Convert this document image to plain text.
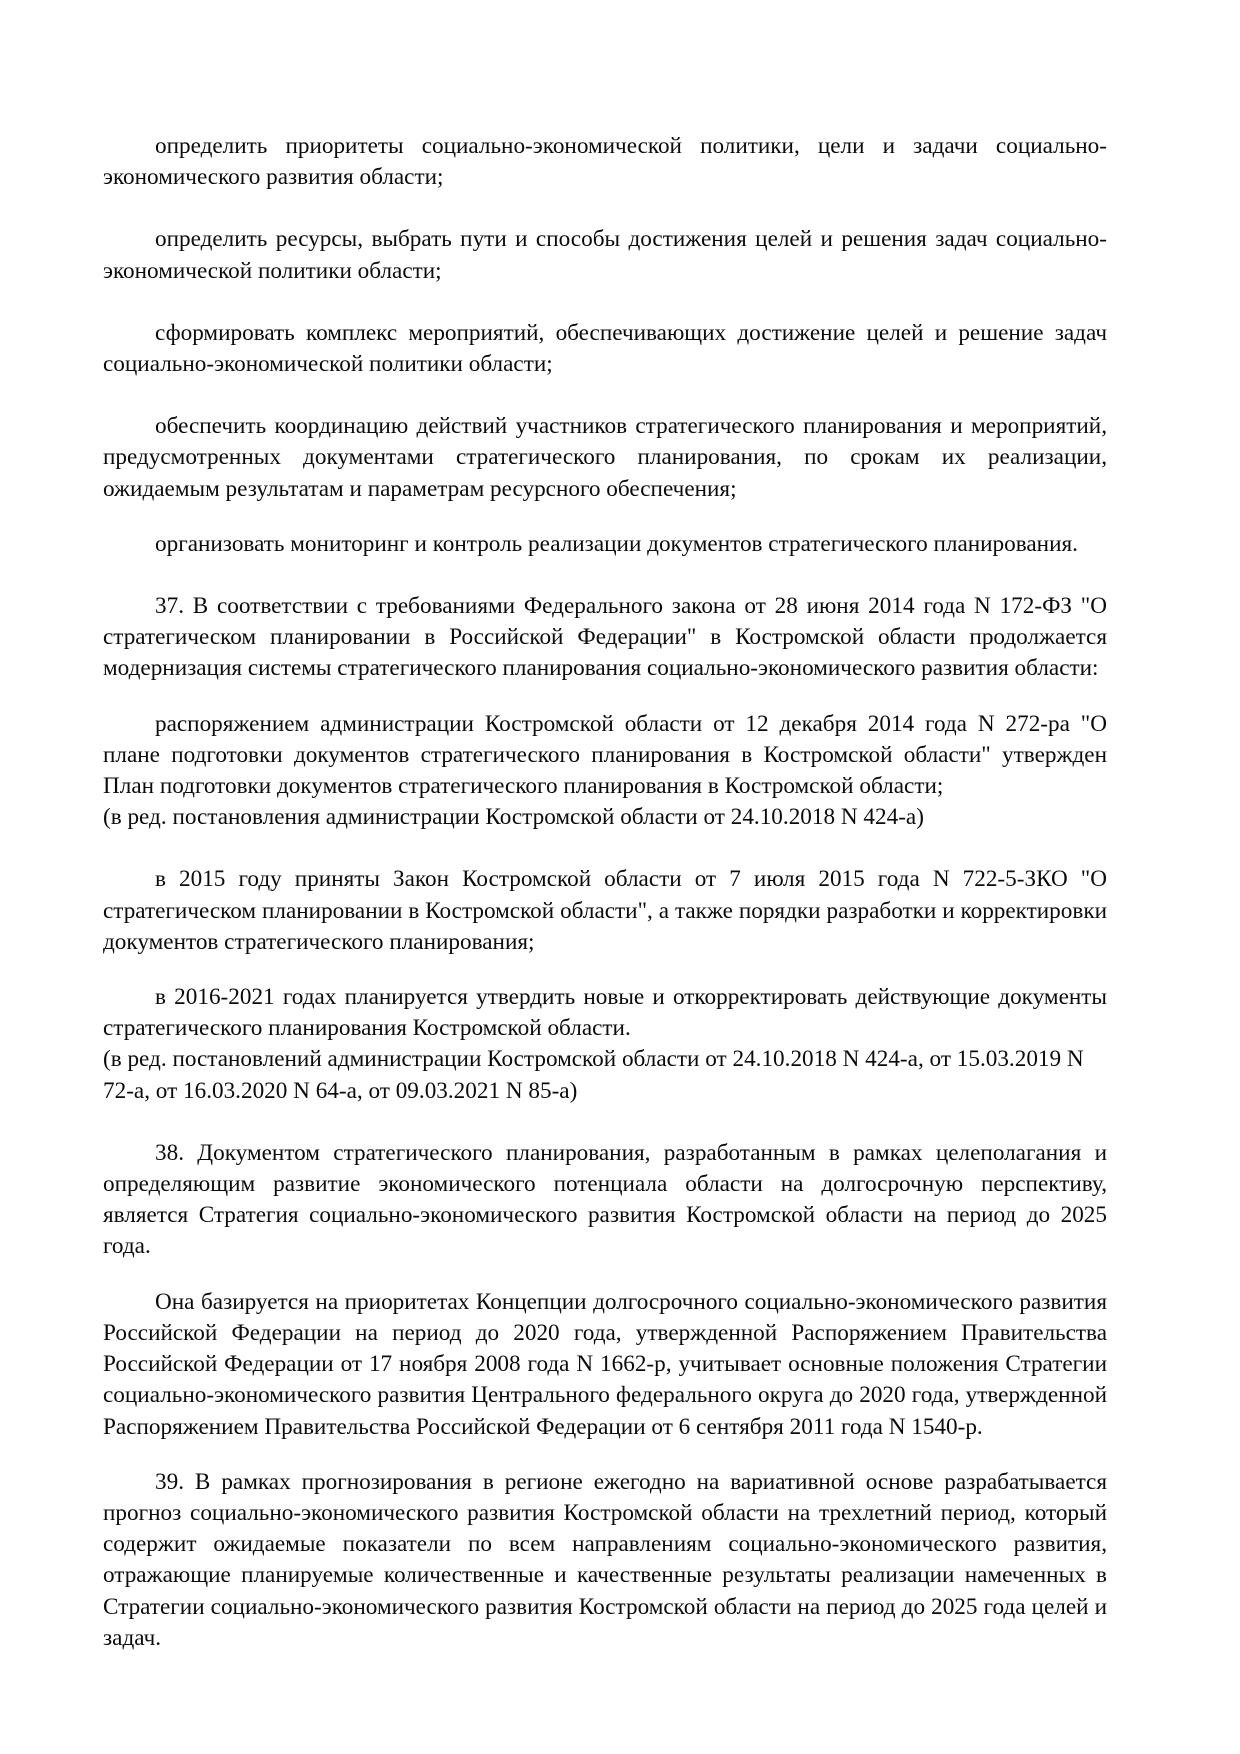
определить приоритеты социально-экономической политики, цели и задачи социально-экономического развития области;

определить ресурсы, выбрать пути и способы достижения целей и решения задач социально-экономической политики области;

сформировать комплекс мероприятий, обеспечивающих достижение целей и решение задач социально-экономической политики области;

обеспечить координацию действий участников стратегического планирования и мероприятий, предусмотренных документами стратегического планирования, по срокам их реализации, ожидаемым результатам и параметрам ресурсного обеспечения;

организовать мониторинг и контроль реализации документов стратегического планирования.

37. В соответствии с требованиями Федерального закона от 28 июня 2014 года N 172-ФЗ "О стратегическом планировании в Российской Федерации" в Костромской области продолжается модернизация системы стратегического планирования социально-экономического развития области:

распоряжением администрации Костромской области от 12 декабря 2014 года N 272-ра "О плане подготовки документов стратегического планирования в Костромской области" утвержден План подготовки документов стратегического планирования в Костромской области;

(в ред. постановления администрации Костромской области от 24.10.2018 N 424-а)

в 2015 году приняты Закон Костромской области от 7 июля 2015 года N 722-5-ЗКО "О стратегическом планировании в Костромской области", а также порядки разработки и корректировки документов стратегического планирования;

в 2016-2021 годах планируется утвердить новые и откорректировать действующие документы стратегического планирования Костромской области.

(в ред. постановлений администрации Костромской области от 24.10.2018 N 424-а, от 15.03.2019 N 72-а, от 16.03.2020 N 64-а, от 09.03.2021 N 85-а)

38. Документом стратегического планирования, разработанным в рамках целеполагания и определяющим развитие экономического потенциала области на долгосрочную перспективу, является Стратегия социально-экономического развития Костромской области на период до 2025 года.

Она базируется на приоритетах Концепции долгосрочного социально-экономического развития Российской Федерации на период до 2020 года, утвержденной Распоряжением Правительства Российской Федерации от 17 ноября 2008 года N 1662-р, учитывает основные положения Стратегии социально-экономического развития Центрального федерального округа до 2020 года, утвержденной Распоряжением Правительства Российской Федерации от 6 сентября 2011 года N 1540-р.

39. В рамках прогнозирования в регионе ежегодно на вариативной основе разрабатывается прогноз социально-экономического развития Костромской области на трехлетний период, который содержит ожидаемые показатели по всем направлениям социально-экономического развития, отражающие планируемые количественные и качественные результаты реализации намеченных в Стратегии социально-экономического развития Костромской области на период до 2025 года целей и задач.
